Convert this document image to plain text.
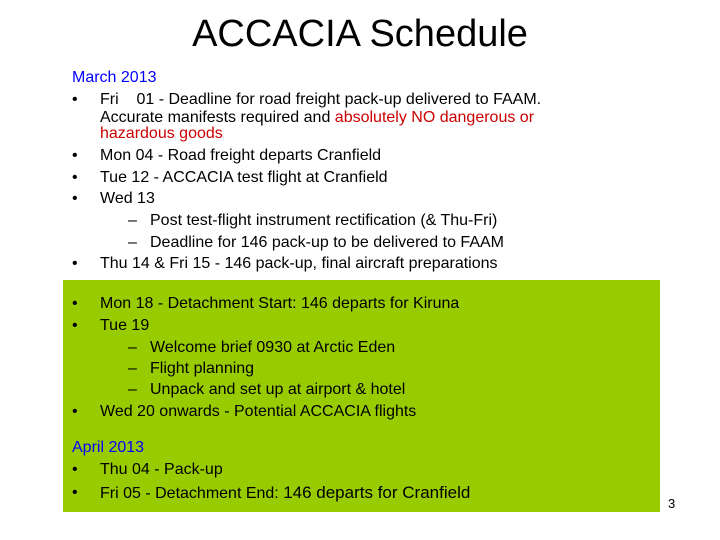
ACCACIA Schedule
March 2013
•	Fri 01 - Deadline for road freight pack-up delivered to FAAM.
Accurate manifests required and absolutely NO dangerous or
hazardous goods
•	Mon 04 - Road freight departs Cranfield
•	Tue 12 - ACCACIA test flight at Cranfield
•	Wed 13
– Post test-flight instrument rectification (& Thu-Fri)
– Deadline for 146 pack-up to be delivered to FAAM
•	Thu 14 & Fri 15 - 146 pack-up, final aircraft preparations
•	Mon 18 - Detachment Start: 146 departs for Kiruna
•	Tue 19
– Welcome brief 0930 at Arctic Eden
– Flight planning
– Unpack and set up at airport & hotel
•	Wed 20 onwards - Potential ACCACIA flights
April 2013
•	Thu 04 - Pack-up
•	Fri 05 - Detachment End: 146 departs for Cranfield
3
